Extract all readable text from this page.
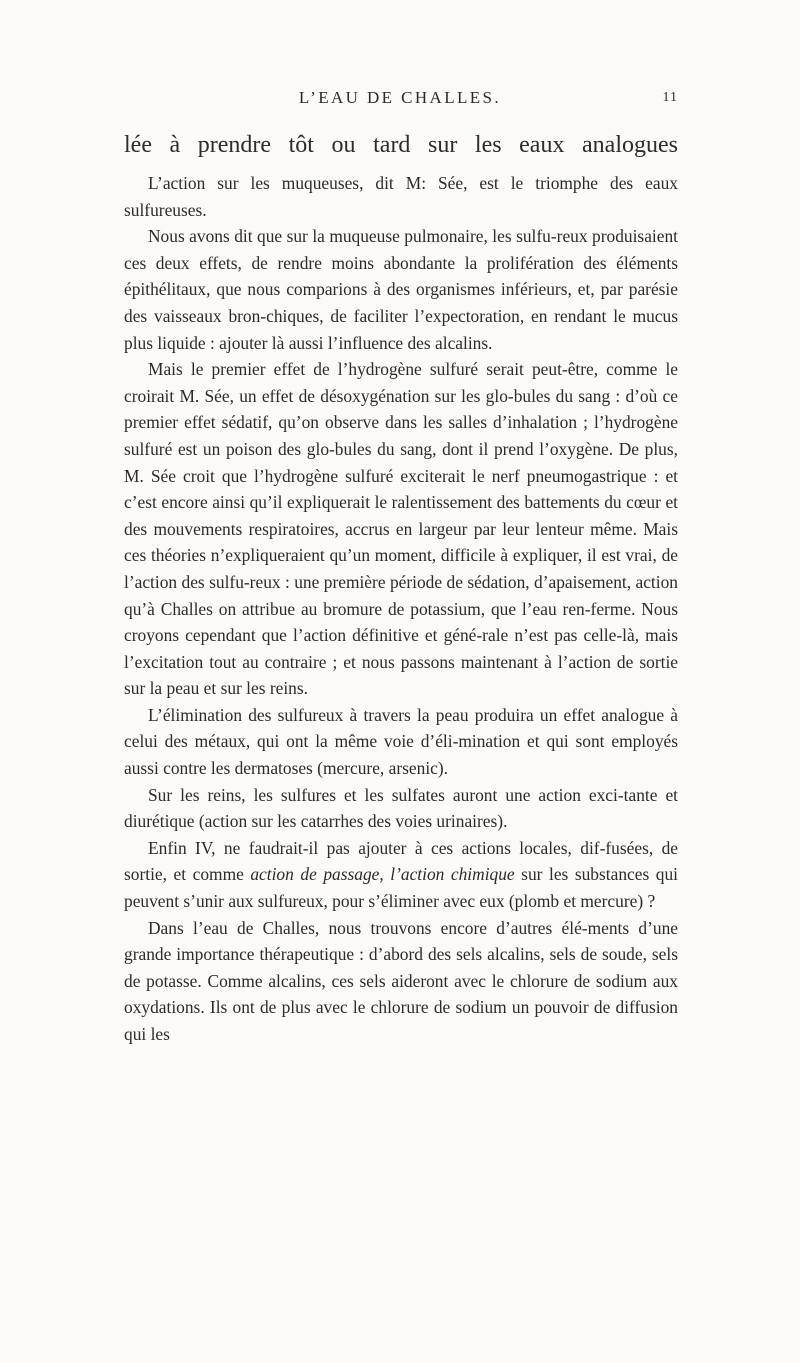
L’EAU DE CHALLES.	11

lée à prendre tôt ou tard sur les eaux analogues

L’action sur les muqueuses, dit M: Sée, est le triomphe des eaux sulfureuses.

Nous avons dit que sur la muqueuse pulmonaire, les sulfu-reux produisaient ces deux effets, de rendre moins abondante la prolifération des éléments épithélitaux, que nous comparions à des organismes inférieurs, et, par parésie des vaisseaux bron-chiques, de faciliter l’expectoration, en rendant le mucus plus liquide : ajouter là aussi l’influence des alcalins.

Mais le premier effet de l’hydrogène sulfuré serait peut-être, comme le croirait M. Sée, un effet de désoxygénation sur les glo-bules du sang : d’où ce premier effet sédatif, qu’on observe dans les salles d’inhalation ; l’hydrogène sulfuré est un poison des glo-bules du sang, dont il prend l’oxygène. De plus, M. Sée croit que l’hydrogène sulfuré exciterait le nerf pneumogastrique : et c’est encore ainsi qu’il expliquerait le ralentissement des battements du cœur et des mouvements respiratoires, accrus en largeur par leur lenteur même. Mais ces théories n’expliqueraient qu’un moment, difficile à expliquer, il est vrai, de l’action des sulfu-reux : une première période de sédation, d’apaisement, action qu’à Challes on attribue au bromure de potassium, que l’eau ren-ferme. Nous croyons cependant que l’action définitive et géné-rale n’est pas celle-là, mais l’excitation tout au contraire ; et nous passons maintenant à l’action de sortie sur la peau et sur les reins.

L’élimination des sulfureux à travers la peau produira un effet analogue à celui des métaux, qui ont la même voie d’éli-mination et qui sont employés aussi contre les dermatoses (mercure, arsenic).

Sur les reins, les sulfures et les sulfates auront une action exci-tante et diurétique (action sur les catarrhes des voies urinaires).

Enfin IV, ne faudrait-il pas ajouter à ces actions locales, dif-fusées, de sortie, et comme action de passage, l’action chimique sur les substances qui peuvent s’unir aux sulfureux, pour s’éliminer avec eux (plomb et mercure) ?

Dans l’eau de Challes, nous trouvons encore d’autres élé-ments d’une grande importance thérapeutique : d’abord des sels alcalins, sels de soude, sels de potasse. Comme alcalins, ces sels aideront avec le chlorure de sodium aux oxydations. Ils ont de plus avec le chlorure de sodium un pouvoir de diffusion qui les
